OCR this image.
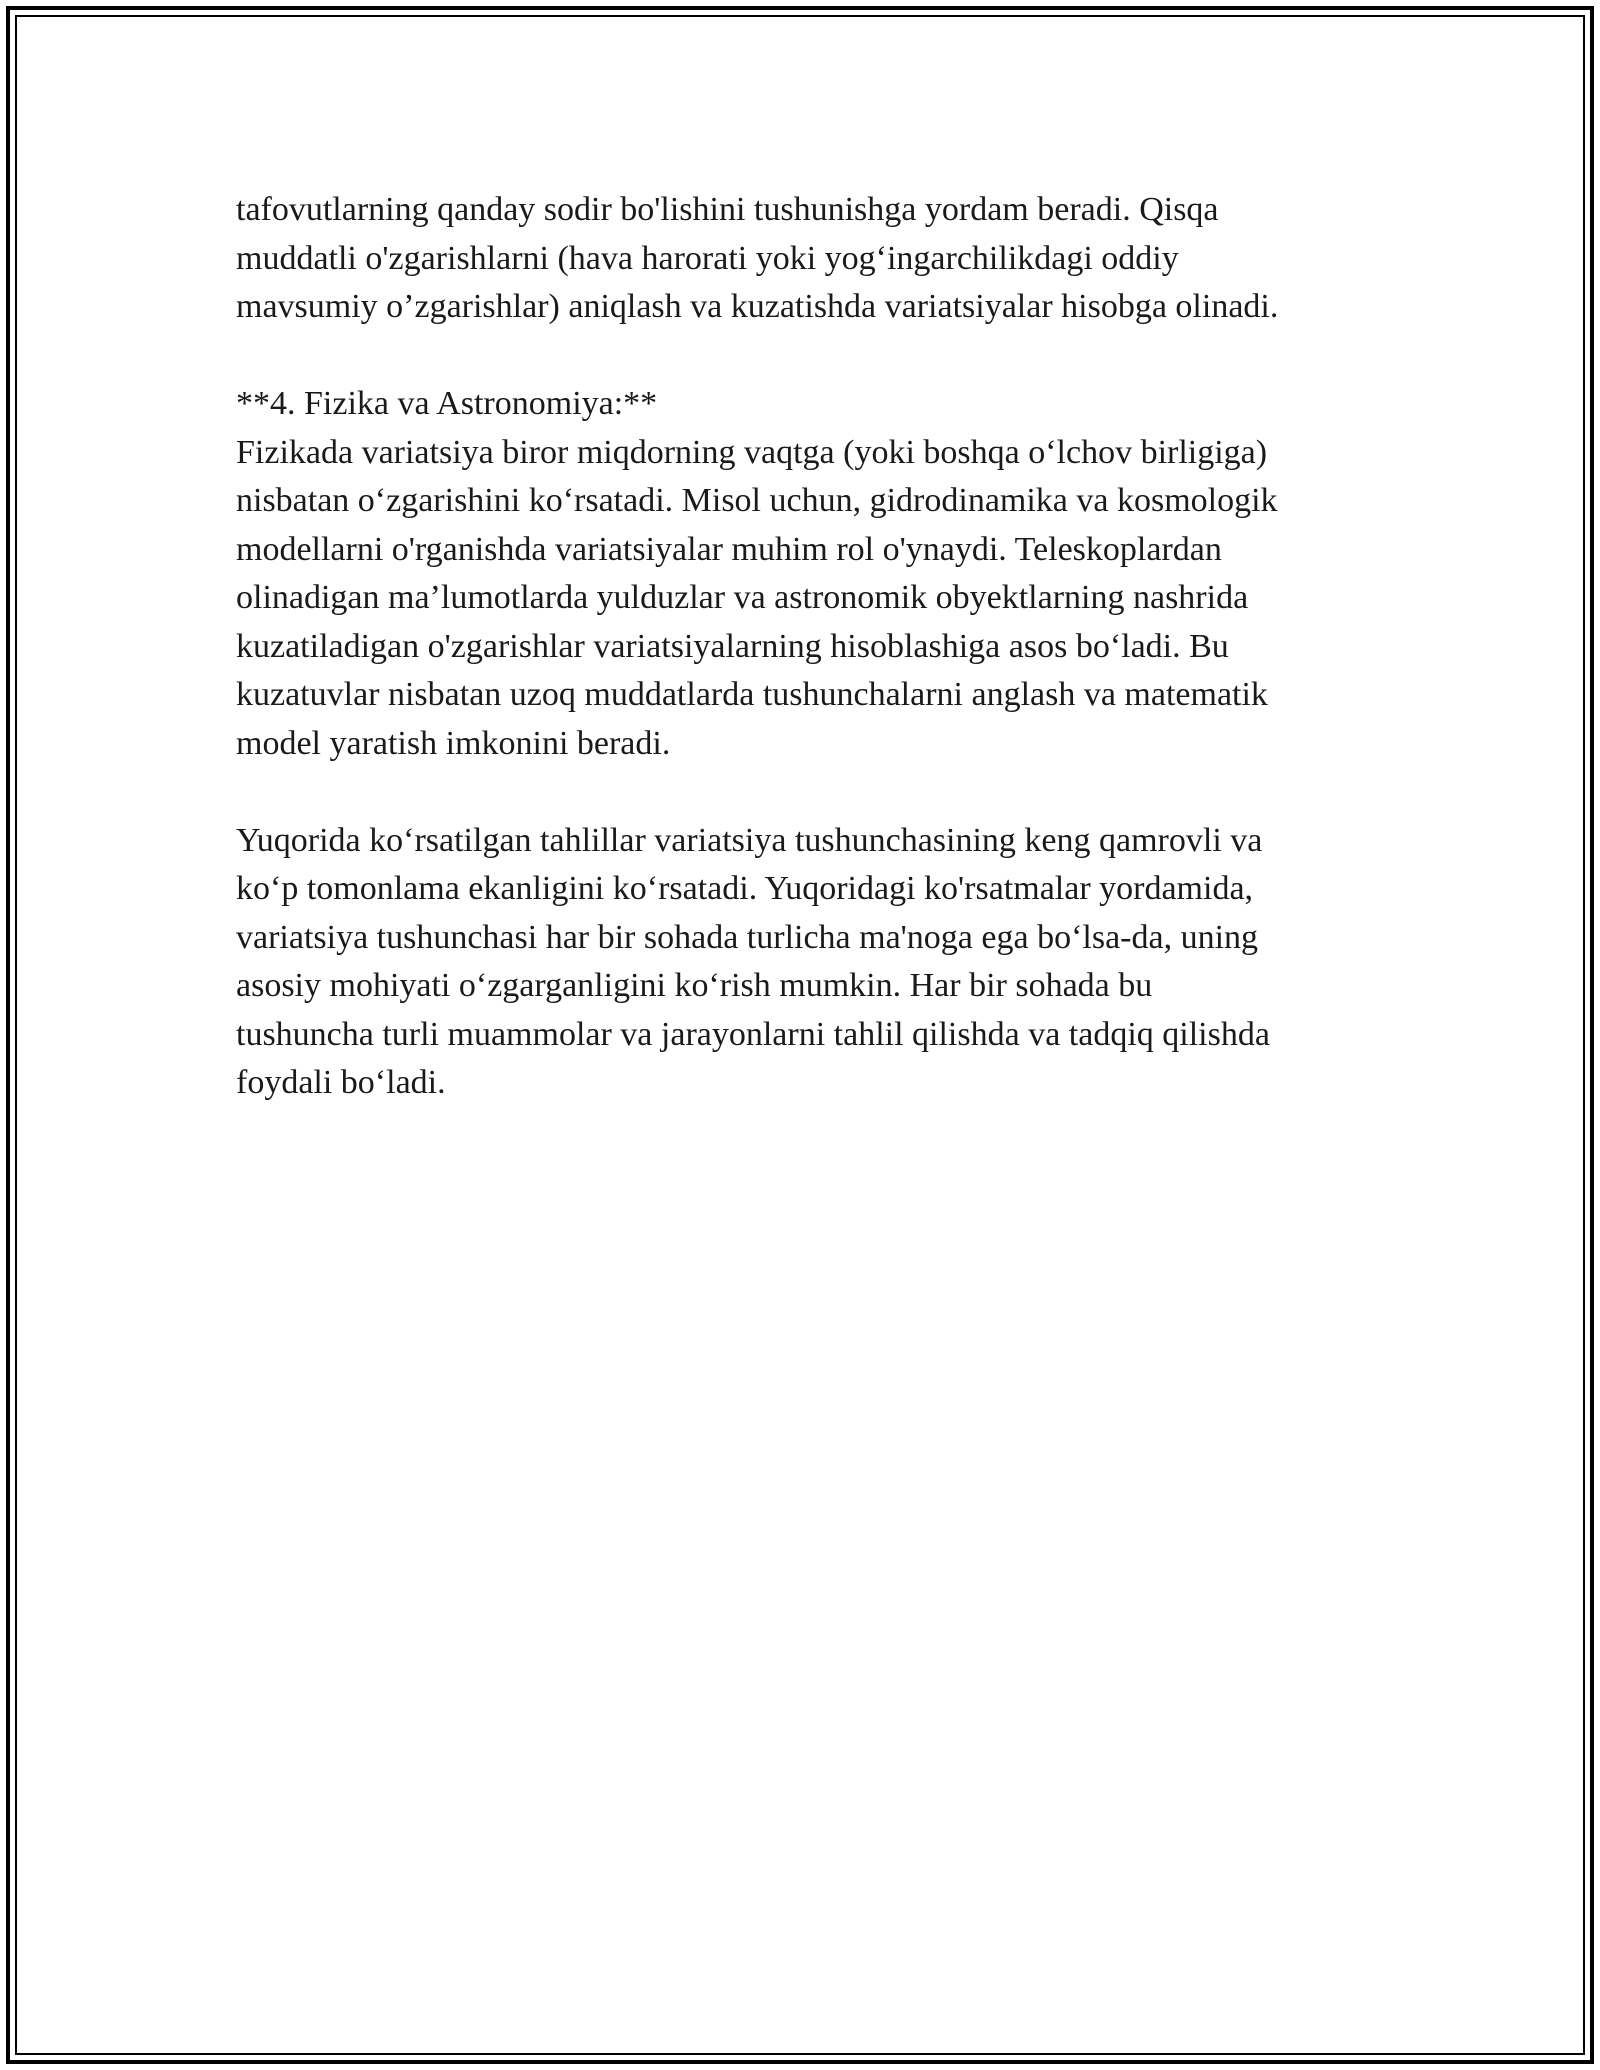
tafovutlarning qanday sodir bo'lishini tushunishga yordam beradi. Qisqa

muddatli o'zgarishlarni (hava harorati yoki yog‘ingarchilikdagi oddiy

mavsumiy o’zgarishlar) aniqlash va kuzatishda variatsiyalar hisobga olinadi.

**4. Fizika va Astronomiya:**

Fizikada variatsiya biror miqdorning vaqtga (yoki boshqa o‘lchov birligiga)

nisbatan o‘zgarishini ko‘rsatadi. Misol uchun, gidrodinamika va kosmologik

modellarni o'rganishda variatsiyalar muhim rol o'ynaydi. Teleskoplardan

olinadigan ma’lumotlarda yulduzlar va astronomik obyektlarning nashrida

kuzatiladigan o'zgarishlar variatsiyalarning hisoblashiga asos bo‘ladi. Bu

kuzatuvlar nisbatan uzoq muddatlarda tushunchalarni anglash va matematik

model yaratish imkonini beradi.

Yuqorida ko‘rsatilgan tahlillar variatsiya tushunchasining keng qamrovli va

ko‘p tomonlama ekanligini ko‘rsatadi. Yuqoridagi ko'rsatmalar yordamida,

variatsiya tushunchasi har bir sohada turlicha ma'noga ega bo‘lsa-da, uning

asosiy mohiyati o‘zgarganligini ko‘rish mumkin. Har bir sohada bu

tushuncha turli muammolar va jarayonlarni tahlil qilishda va tadqiq qilishda

foydali bo‘ladi.
